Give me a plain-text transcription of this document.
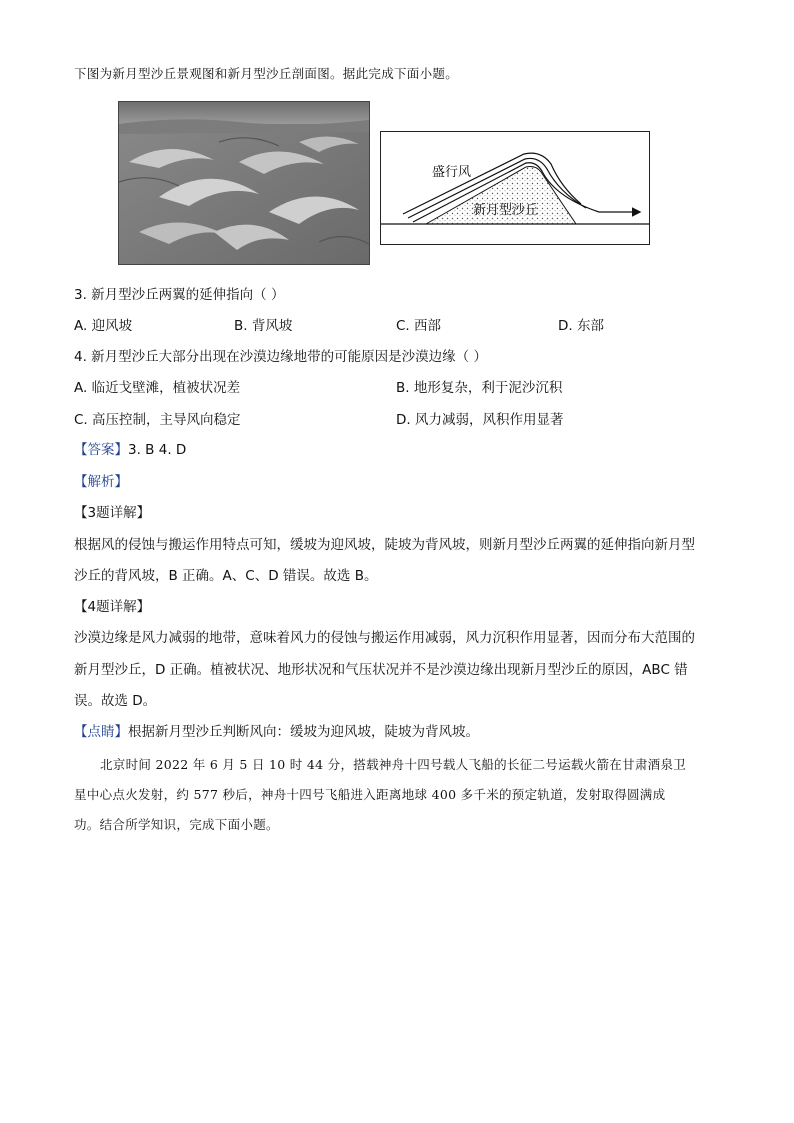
下图为新月型沙丘景观图和新月型沙丘剖面图。据此完成下面小题。
盛行风
新月型沙丘
3. 新月型沙丘两翼的延伸指向（ ）
A. 迎风坡	B. 背风坡	C. 西部	D. 东部
4. 新月型沙丘大部分出现在沙漠边缘地带的可能原因是沙漠边缘（ ）
A. 临近戈壁滩，植被状况差	B. 地形复杂，利于泥沙沉积
C. 高压控制，主导风向稳定	D. 风力减弱，风积作用显著
【答案】3. B 4. D
【解析】
【3题详解】
根据风的侵蚀与搬运作用特点可知，缓坡为迎风坡，陡坡为背风坡，则新月型沙丘两翼的延伸指向新月型
沙丘的背风坡，B 正确。A、C、D 错误。故选 B。
【4题详解】
沙漠边缘是风力减弱的地带，意味着风力的侵蚀与搬运作用减弱，风力沉积作用显著，因而分布大范围的
新月型沙丘，D 正确。植被状况、地形状况和气压状况并不是沙漠边缘出现新月型沙丘的原因，ABC 错
误。故选 D。
【点睛】根据新月型沙丘判断风向：缓坡为迎风坡，陡坡为背风坡。
北京时间 2022 年 6 月 5 日 10 时 44 分，搭载神舟十四号载人飞船的长征二号运载火箭在甘肃酒泉卫
星中心点火发射，约 577 秒后，神舟十四号飞船进入距离地球 400 多千米的预定轨道，发射取得圆满成
功。结合所学知识，完成下面小题。
